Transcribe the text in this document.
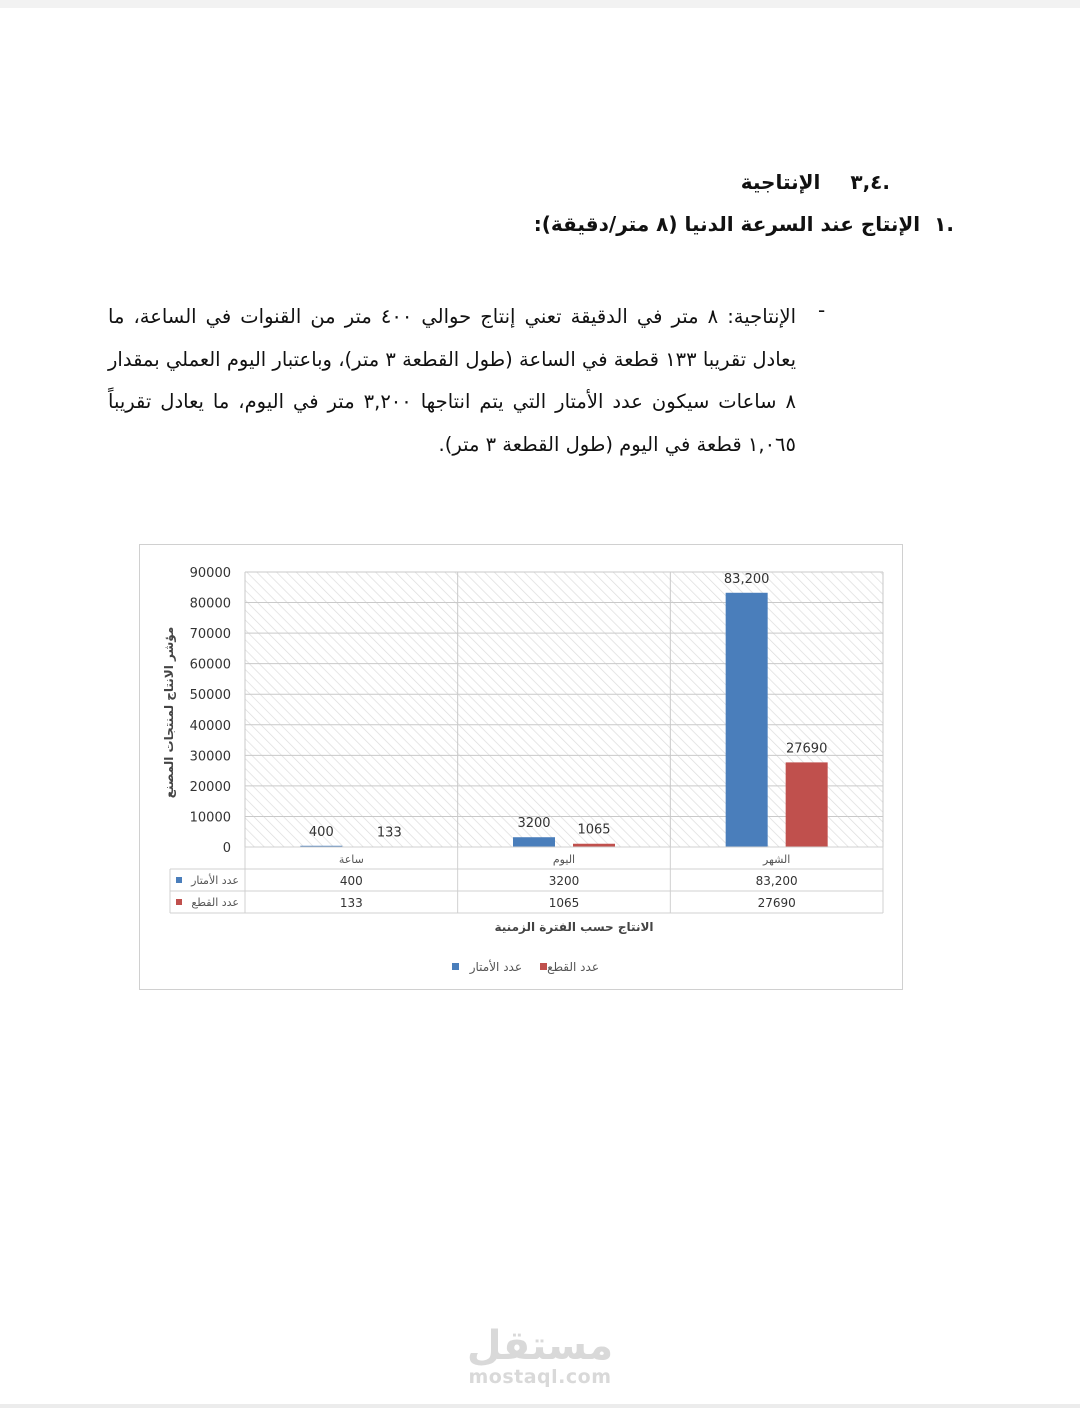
.٣,٤الإنتاجية
.١الإنتاج عند السرعة الدنيا (٨ متر/دقيقة):
-
الإنتاجية: ٨ متر في الدقيقة تعني إنتاج حوالي ٤٠٠ متر من القنوات في الساعة، ما يعادل تقريبا ١٣٣ قطعة في الساعة (طول القطعة ٣ متر)، وباعتبار اليوم العملي بمقدار ٨ ساعات سيكون عدد الأمتار التي يتم انتاجها ٣,٢٠٠ متر في اليوم، ما يعادل تقريباً ١,٠٦٥ قطعة في اليوم (طول القطعة ٣ متر).
0
10000
20000
30000
40000
50000
60000
70000
80000
90000
400	133
3200 1065
83,200
27690
ساعة	اليوم	الشهر
عدد الأمتار	400	3200	83,200
عدد القطع	133	1065	27690
الانتاج حسب الفترة الزمنية
مؤشر الانتاج لمنتجات المصنع
عدد الأمتار عدد القطع
مستقل
mostaql.com
